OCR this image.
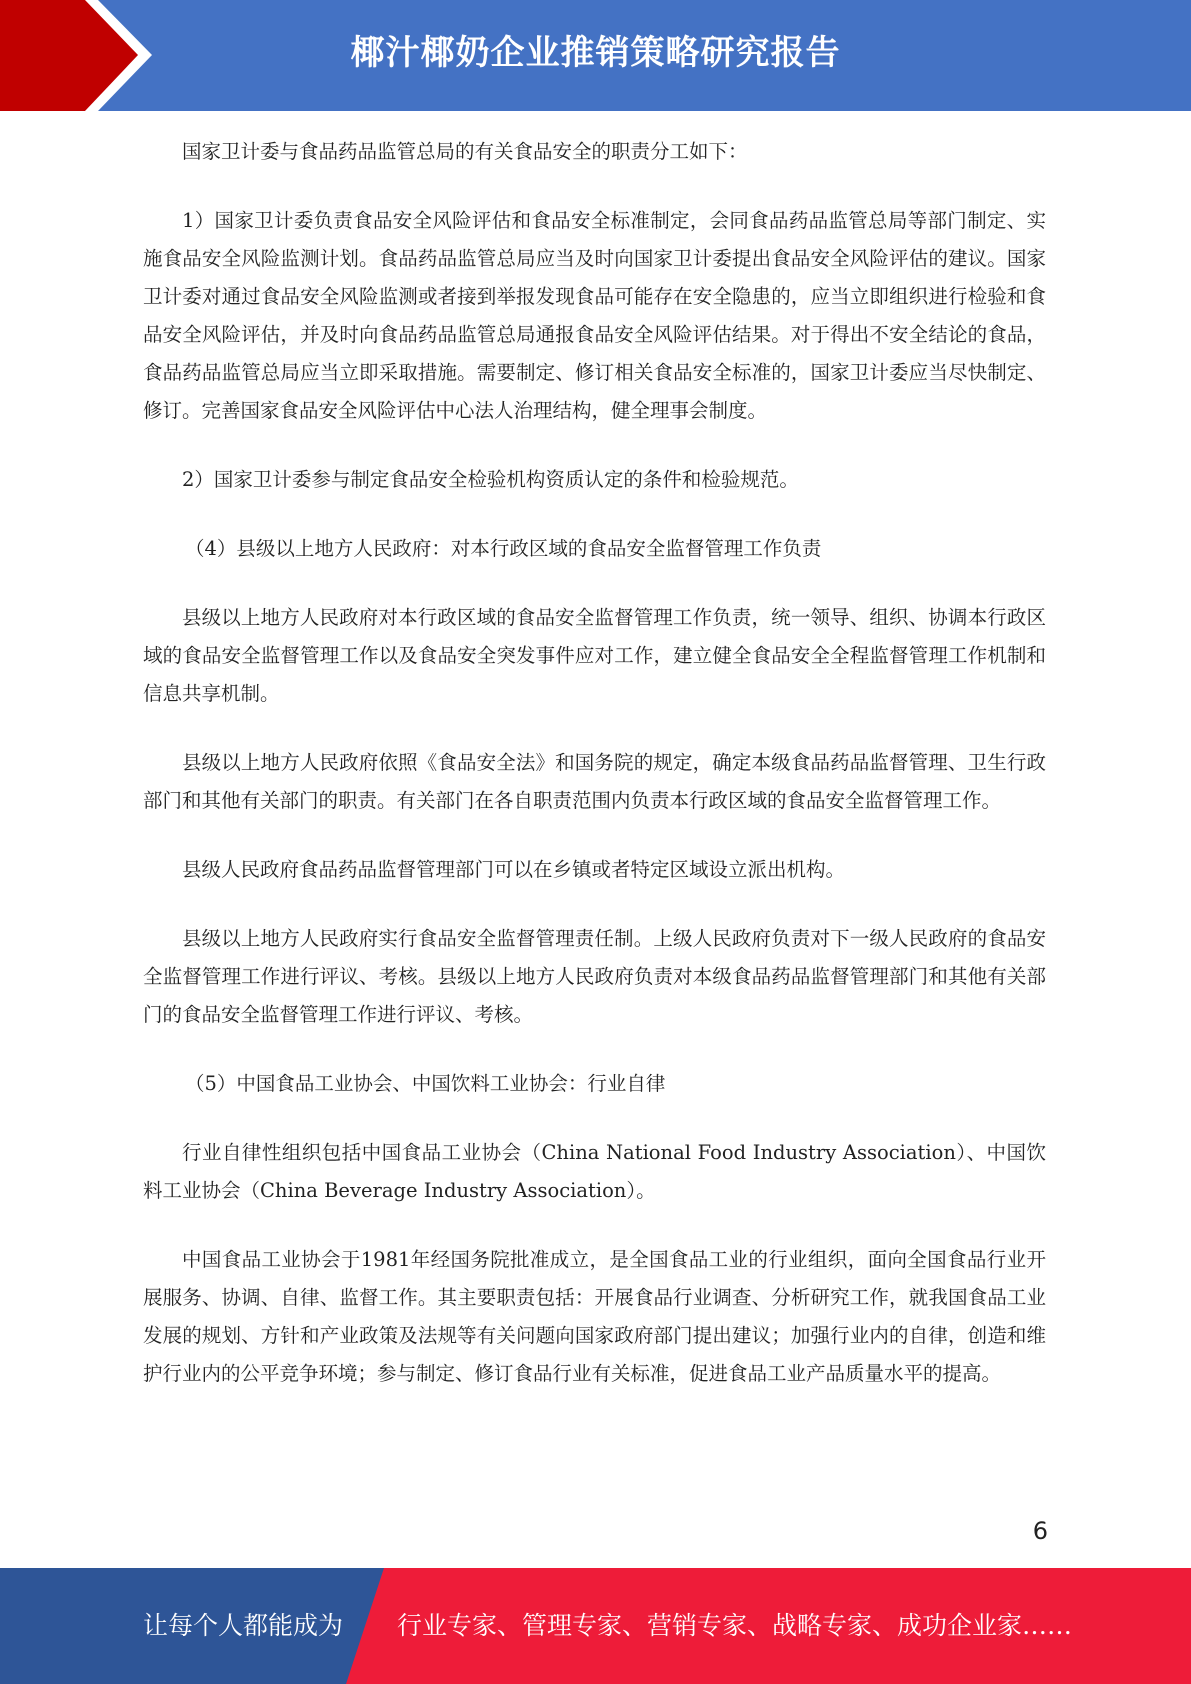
椰汁椰奶企业推销策略研究报告

国家卫计委与食品药品监管总局的有关食品安全的职责分工如下：

1）国家卫计委负责食品安全风险评估和食品安全标准制定，会同食品药品监管总局等部门制定、实施食品安全风险监测计划。食品药品监管总局应当及时向国家卫计委提出食品安全风险评估的建议。国家卫计委对通过食品安全风险监测或者接到举报发现食品可能存在安全隐患的，应当立即组织进行检验和食品安全风险评估，并及时向食品药品监管总局通报食品安全风险评估结果。对于得出不安全结论的食品，食品药品监管总局应当立即采取措施。需要制定、修订相关食品安全标准的，国家卫计委应当尽快制定、修订。完善国家食品安全风险评估中心法人治理结构，健全理事会制度。

2）国家卫计委参与制定食品安全检验机构资质认定的条件和检验规范。

（4）县级以上地方人民政府：对本行政区域的食品安全监督管理工作负责

县级以上地方人民政府对本行政区域的食品安全监督管理工作负责，统一领导、组织、协调本行政区域的食品安全监督管理工作以及食品安全突发事件应对工作，建立健全食品安全全程监督管理工作机制和信息共享机制。

县级以上地方人民政府依照《食品安全法》和国务院的规定，确定本级食品药品监督管理、卫生行政部门和其他有关部门的职责。有关部门在各自职责范围内负责本行政区域的食品安全监督管理工作。

县级人民政府食品药品监督管理部门可以在乡镇或者特定区域设立派出机构。

县级以上地方人民政府实行食品安全监督管理责任制。上级人民政府负责对下一级人民政府的食品安全监督管理工作进行评议、考核。县级以上地方人民政府负责对本级食品药品监督管理部门和其他有关部门的食品安全监督管理工作进行评议、考核。

（5）中国食品工业协会、中国饮料工业协会：行业自律

行业自律性组织包括中国食品工业协会（China National Food Industry Association）、中国饮料工业协会（China Beverage Industry Association）。

中国食品工业协会于1981年经国务院批准成立，是全国食品工业的行业组织，面向全国食品行业开展服务、协调、自律、监督工作。其主要职责包括：开展食品行业调查、分析研究工作，就我国食品工业发展的规划、方针和产业政策及法规等有关问题向国家政府部门提出建议；加强行业内的自律，创造和维护行业内的公平竞争环境；参与制定、修订食品行业有关标准，促进食品工业产品质量水平的提高。

6
让每个人都能成为 行业专家、管理专家、营销专家、战略专家、成功企业家……
